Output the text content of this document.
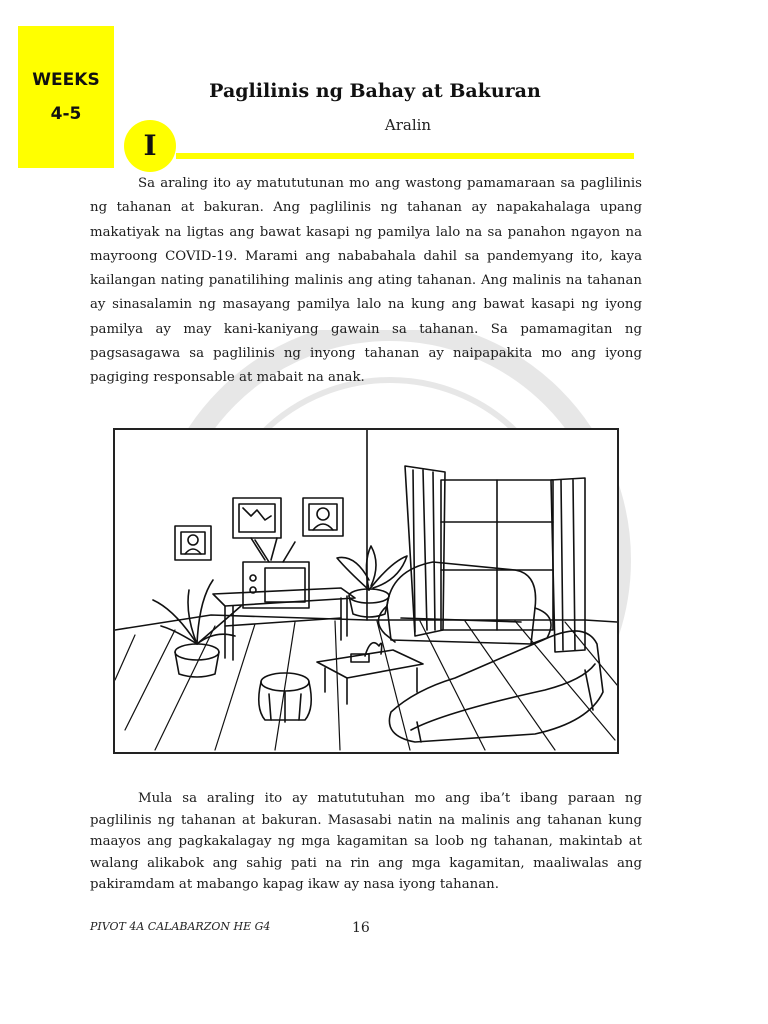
WEEKS
4-5
Paglilinis ng Bahay at Bakuran
Aralin
I

Sa araling ito ay matututunan mo ang wastong pamamaraan sa paglilinis ng tahanan at bakuran. Ang paglilinis ng tahanan ay napakahalaga upang makatiyak na ligtas ang bawat kasapi ng pamilya lalo na sa panahon ngayon na mayroong COVID-19. Marami ang nababahala dahil sa pandemyang ito, kaya kailangan nating panatilihing malinis ang ating tahanan. Ang malinis na tahanan ay sinasalamin ng masayang pamilya lalo na kung ang bawat kasapi ng iyong pamilya ay may kani-kaniyang gawain sa tahanan. Sa pamamagitan ng pagsasagawa sa paglilinis ng inyong tahanan ay naipapakita mo ang iyong pagiging responsable at mabait na anak.

Mula sa araling ito ay matututuhan mo ang iba’t ibang paraan ng paglilinis ng tahanan at bakuran. Masasabi natin na malinis ang tahanan kung maayos ang pagkakalagay ng mga kagamitan sa loob ng tahanan, makintab at walang alikabok ang sahig pati na rin ang mga kagamitan, maaliwalas ang pakiramdam at mabango kapag ikaw ay nasa iyong tahanan.

PIVOT 4A CALABARZON HE G4	16
